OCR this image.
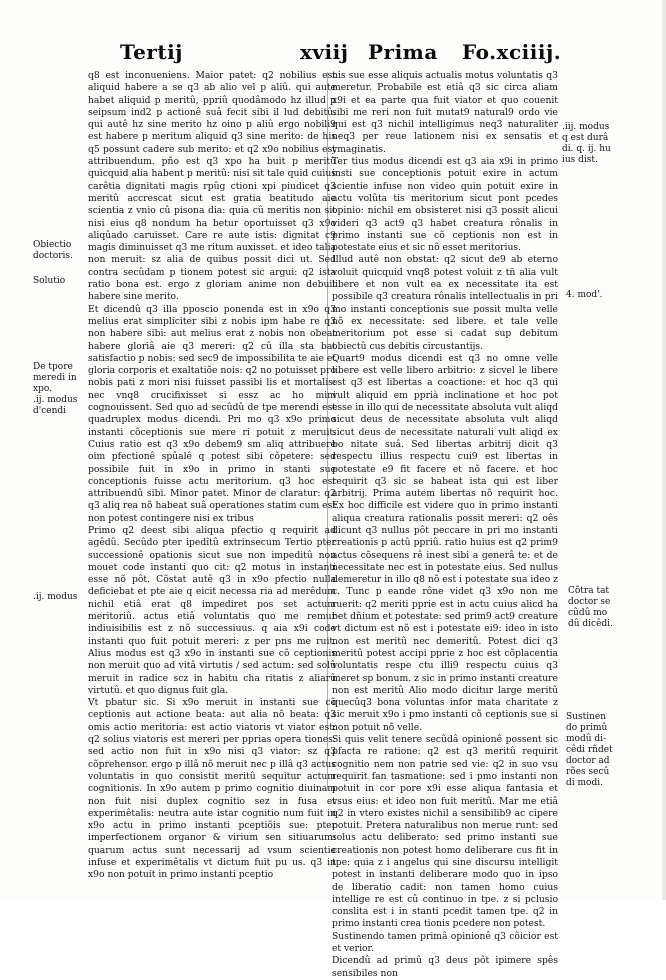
Tertij	xviij Prima Fo.xciiij.

q8 est inconueniens. Maior patet: q2 nobilius est aliquid habere a se q3 ab alio vel p aliû. qui aute habet aliquid p meritû, ppriû quodâmodo hz illud p seipsum ind2 p actionê suâ fecit sibi il lud debitû. qui autê hz sine merito hz oino p aliû ergo nobili9 est habere p meritum aliquid q3 sine merito: de his q5 possunt cadere sub merito: et q2 x9o nobilius est attribuendum. pño est q3 xpo ha buit p meritû quicquid alia habent p meritû: nisi sit tale quid cuius carêtia dignitati magis rpûg ctioni xpi piudicet q3 meritû accrescat sicut est gratia beatitudo aie scientia z vnio cû pisona dia: quia cû meritis non sit nisi eius q8 nondum ha betur oportuisset q3 x9o aliqûado caruisset. Care re aute istis: dignitat c9 magis diminuisset q3 me ritum auxisset. et ideo talia non meruit: sz alia de quibus possit dici ut. Sed contra secûdam p tionem potest sic argui: q2 ista ratio bona est. ergo z gloriam anime non debuit habere sine merito.

Et dicendû q3 illa pposcio ponenda est in x9o q3 melius erat simpliciter sibi z nobis ipm habe re q3 non habere sibi: aut melius erat z nobis non obeat habere gloriâ aie q3 mereri: q2 cû illa sta bat satisfactio p nobis: sed sec9 de impossibilita te aie et gloria corporis et exaltatiõe nois: q2 no potuisset pro nobis pati z mori nisi fuisset passibi lis et mortalis: nec vnq8 crucifixisset si essz ac ho mini cognouissent. Sed quo ad secûdû de tpe merendi est quadruplex modus dicendi. Pri mo q3 x9o primo instanti cõceptionis sue mere ri potuit z meruit. Cuius ratio est q3 x9o debem9 sm aliq attribuere oim pfectionê spûalê q potest sibi cõpetere: sed possibile fuit in x9o in primo in stanti sue conceptionis fuisse actu meritorium. q3 hoc est attribuendû sibi. Minor patet. Minor de claratur: q2 q3 aliq rea nõ habeat suâ operationes statim cum est non potest contingere nisi ex tribus

Primo q2 deest sibi aliqua pfectio q requirit ad agêdû. Secûdo pter ipedîtû extrinsecum Tertio pter successionê opationis sicut sue non impeditû non mouet code instanti quo cit: q2 motus in instanti esse nõ pôt. Cõstat autê q3 in x9o pfectio nulla deficiebat et pte aie q eicit necessa ria ad merêdum nichil etiâ erat q8 impediret pos set actum meritoriû. actus etiâ voluntatis quo me remur indiuisibilis est z nõ successiuus. q aia x9i code instanti quo fuit potuit mereri: z per pns me ruit. Alius modus est q3 x9o in instanti sue cõ ceptionis non meruit quo ad vitâ virtutis / sed actum: sed solû meruit in radice scz in habitu cha ritatis z aliarû virtutû. et quo dignus fuit gla.

Vt pbatur sic. Si x9o meruit in instanti sue cõ ceptionis aut actione beata: aut alia nõ beata: q3 omis actio meritoria: est actio viatoris vt viator est: q2 solius viatoris est mereri per pprias opera tiones: sed actio non fuit in x9o nisi q3 viator: sz q3 cõprehensor. ergo p illâ nõ meruit nec p illâ q3 actus voluntatis in quo consistit meritû sequitur actum cognitionis. In x9o autem p primo cognitio diuinam non fuit nisi duplex cognitio sez in fusa et experimêtalis: neutra aute istar cognitio num fuit in x9o actu in primo instanti pceptiõis sue: pter imperfectionem organor & virium sen sitiuarum: quarum actus sunt necessarij ad vsum scientie infuse et experimêtalis vt dictum fuit pu us. q3 in x9o non potuit in primo instanti pceptio

nis sue esse aliquis actualis motus voluntatis q3 meretur. Probabile est etiâ q3 sic circa aliam x9i et ea parte qua fuit viator et quo couenit sibi me reri non fuit mutat9 natural9 ordo vie qui est q3 nichil intelligimus neq3 naturaliter neq3 per reue lationem nisi ex sensatis et ymaginatis.

Ter tius modus dicendi est q3 aia x9i in primo insti sue conceptionis potuit exire in actum scientie infuse non video quin potuit exire in actu volûta tis meritorium sicut pont pcedes opinio: nichil em obsisteret nisi q3 possit alicui videri q3 act9 q3 habet creatura rônalis in primo instanti sue cõ ceptionis non est in potestate eius et sic nõ esset meritorius.

Illud autê non obstat: q2 sicut de9 ab eterno voluit quicquid vnq8 potest voluit z tn̄ alia vult libere et non vult ea ex necessitate ita est possibile q3 creatura rônalis intellectualis in pri mo instanti conceptionis sue possit multa velle nõ ex necessitate: sed libere. et tale velle meritorium pot esse si cadat sup debitum obiectû cus debitis circustantijs.

Quart9 modus dicendi est q3 no omne velle libere est velle libero arbitrio: z sicvel le libere est q3 est libertas a coactione: et hoc q3 qui vult aliquid em pprià inclinatione et hoc pot esse in illo qui de necessitate absoluta vult aliqd sicut deus de necessitate absoluta vult aliqd sicut deus de necessitate naturali vult aliqd ex bo nitate suâ. Sed libertas arbitrij dicit q3 respectu illius respectu cui9 est libertas in potestate e9 fit facere et nõ facere. et hoc requirit q3 sic se habeat ista qui est liber arbitrij. Prima autem libertas nõ requirit hoc. Ex hoc difficile est videre quo in primo instanti aliqua creatura rationalis possit mereri: q2 oês dicunt q3 nullus pôt peccare in pri mo instanti creationis p actû ppriû. ratio huius est q2 prim9 actus cõsequens rê inest sibi a generâ te: et de necessitate nec est in potestate eius. Sed nullus demeretur in illo q8 nõ est i potestate sua ideo z c. Tunc p eande rône videt q3 x9o non me ruerit: q2 meriti pprie est in actu cuius alicd ha bet dñium et potestate: sed prim9 act9 creature vt dictum est nõ est i potestate ei9: ideo in isto non est meritû nec demeritû. Potest dici q3 meritû potest accipi pprie z hoc est cõplacentia voluntatis respe ctu illi9 respectu cuius q3 meret sp bonum. z sic in primo instanti creature non est meritû Alio modo dicitur large meritû quecûq3 bona voluntas infor mata charitate z sic meruit x9o i pmo instanti cõ ceptionis sue si non potuit nõ velle.

Si quis velit tenere secûdâ opinionê possent sic pfacta re ratione: q2 est q3 meritû requirit cognitio nem non patrie sed vie: q2 in suo vsu requirit fan tasmatione: sed i pmo instanti non potuit in cor pore x9i esse aliqua fantasia et vsus eius: et ideo non fuit meritû. Mar me etiâ q2 in vtero existes nichil a sensibilib9 ac cipere potuit. Pretera naturalibus non merue runt: sed solus actu deliberato: sed primo instanti sue creationis non potest homo deliberare cus fit in tpe: quia z i angelus qui sine discursu intelligit potest in instanti deliberare modo quo in ipso de liberatio cadit: non tamen homo cuius intellige re est cû continuo in tpe. z si pclusio conslita est i in stanti pcedit tamen tpe. q2 in primo instanti crea tionis pcedere non potest.

Sustinendo tamen primâ opinionê q3 cõicior est et verior.

Dicendû ad primû q3 deus pôt ipimere spês sensibiles non

Obiectio
doctoris.
Solutio
De tpore
meredi in
xpo.
.ij. modus
d'cendi
.ij. modus
.iij. modus
q est durâ
di. q. ij. hu
ius dist.
4. mod'.
Cõtra tat
doctor se
cûdû mo
dû dicêdi.
Sustinen
do primû
modû di-
cêdi rñdet
doctor ad
rões secû
di modi.
